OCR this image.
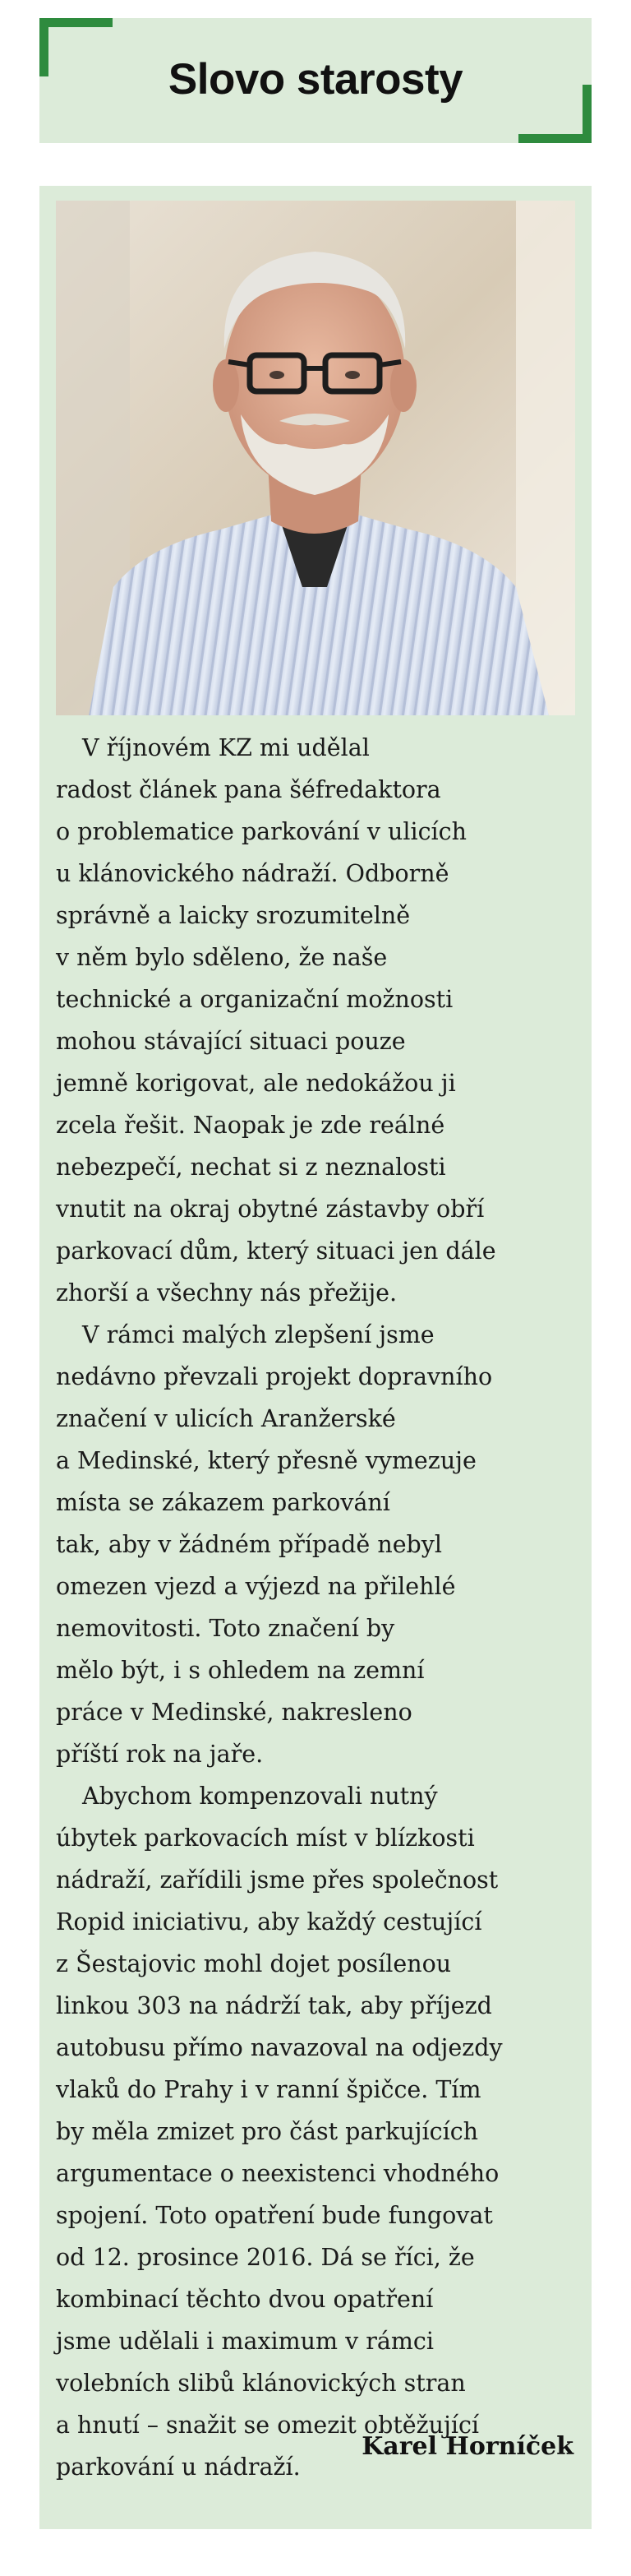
Slovo starosty
V říjnovém KZ mi udělal
radost článek pana šéfredaktora
o problematice parkování v ulicích
u klánovického nádraží. Odborně
správně a laicky srozumitelně
v něm bylo sděleno, že naše
technické a organizační možnosti
mohou stávající situaci pouze
jemně korigovat, ale nedokážou ji
zcela řešit. Naopak je zde reálné
nebezpečí, nechat si z neznalosti
vnutit na okraj obytné zástavby obří
parkovací dům, který situaci jen dále
zhorší a všechny nás přežije.
V rámci malých zlepšení jsme
nedávno převzali projekt dopravního
značení v ulicích Aranžerské
a Medinské, který přesně vymezuje
místa se zákazem parkování
tak, aby v žádném případě nebyl
omezen vjezd a výjezd na přilehlé
nemovitosti. Toto značení by
mělo být, i s ohledem na zemní
práce v Medinské, nakresleno
příští rok na jaře.
Abychom kompenzovali nutný
úbytek parkovacích míst v blízkosti
nádraží, zařídili jsme přes společnost
Ropid iniciativu, aby každý cestující
z Šestajovic mohl dojet posílenou
linkou 303 na nádrží tak, aby příjezd
autobusu přímo navazoval na odjezdy
vlaků do Prahy i v ranní špičce. Tím
by měla zmizet pro část parkujících
argumentace o neexistenci vhodného
spojení. Toto opatření bude fungovat
od 12. prosince 2016. Dá se říci, že
kombinací těchto dvou opatření
jsme udělali i maximum v rámci
volebních slibů klánovických stran
a hnutí – snažit se omezit obtěžující
parkování u nádraží.
Karel Horníček
